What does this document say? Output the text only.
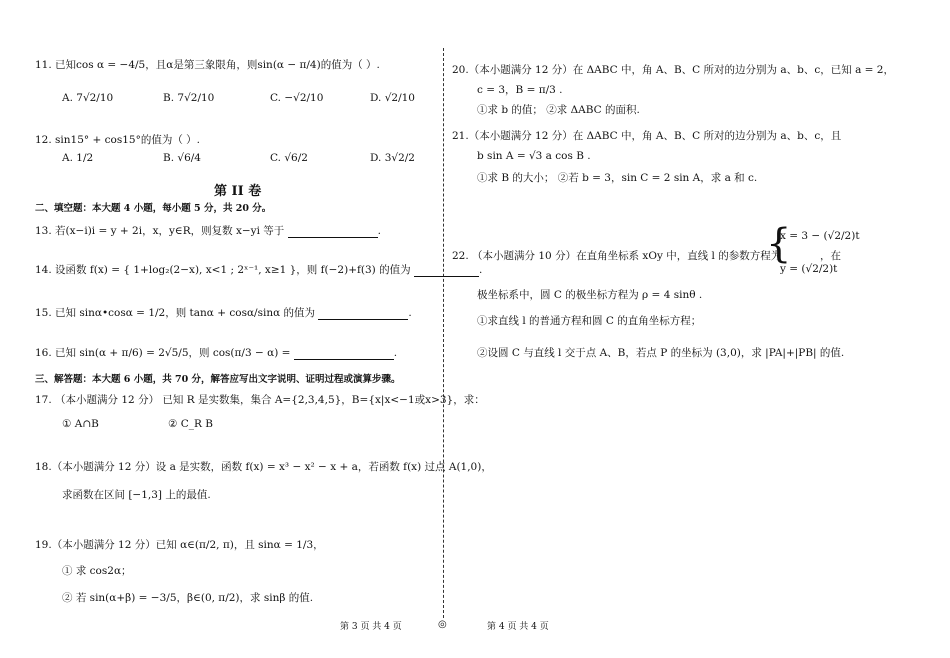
11. 已知cos α = −4/5，且α是第三象限角，则sin(α − π/4)的值为（ ）.
A. 7√2/10	B. 7√2/10	C. −√2/10	D. √2/10
12. sin15° + cos15°的值为（ ）.
A. 1/2	B. √6/4	C. √6/2	D. 3√2/2
第 II 卷
二、填空题：本大题 4 小题，每小题 5 分，共 20 分。
13. 若(x−i)i = y + 2i，x，y∈R，则复数 x−yi 等于	.
14. 设函数 f(x) = { 1+log₂(2−x), x<1 ; 2ˣ⁻¹, x≥1 }，则 f(−2)+f(3) 的值为	.
15. 已知 sinα•cosα = 1/2，则 tanα + cosα/sinα 的值为	.
16. 已知 sin(α + π/6) = 2√5/5，则 cos(π/3 − α) =	.
三、解答题：本大题 6 小题，共 70 分，解答应写出文字说明、证明过程或演算步骤。
17. （本小题满分 12 分） 已知 R 是实数集，集合 A={2,3,4,5}，B={x|x<−1或x>3}，求：
① A∩B	② C_R B
18.（本小题满分 12 分）设 a 是实数，函数 f(x) = x³ − x² − x + a，若函数 f(x) 过点 A(1,0)，
求函数在区间 [−1,3] 上的最值.
19.（本小题满分 12 分）已知 α∈(π/2, π)，且 sinα = 1/3，
① 求 cos2α；
② 若 sin(α+β) = −3/5，β∈(0, π/2)，求 sinβ 的值.
第 3 页 共 4 页	◎
20.（本小题满分 12 分）在 ΔABC 中，角 A、B、C 所对的边分别为 a、b、c，已知 a = 2，
c = 3，B = π/3 .
①求 b 的值； ②求 ΔABC 的面积.
21.（本小题满分 12 分）在 ΔABC 中，角 A、B、C 所对的边分别为 a、b、c，且
b sin A = √3 a cos B .
①求 B 的大小； ②若 b = 3，sin C = 2 sin A，求 a 和 c.
22. （本小题满分 10 分）在直角坐标系 xOy 中，直线 l 的参数方程为
{
x = 3 − (√2/2)t
y = (√2/2)t
，在
极坐标系中，圆 C 的极坐标方程为 ρ = 4 sinθ .
①求直线 l 的普通方程和圆 C 的直角坐标方程；
②设圆 C 与直线 l 交于点 A、B，若点 P 的坐标为 (3,0)，求 |PA|+|PB| 的值.
第 4 页 共 4 页
